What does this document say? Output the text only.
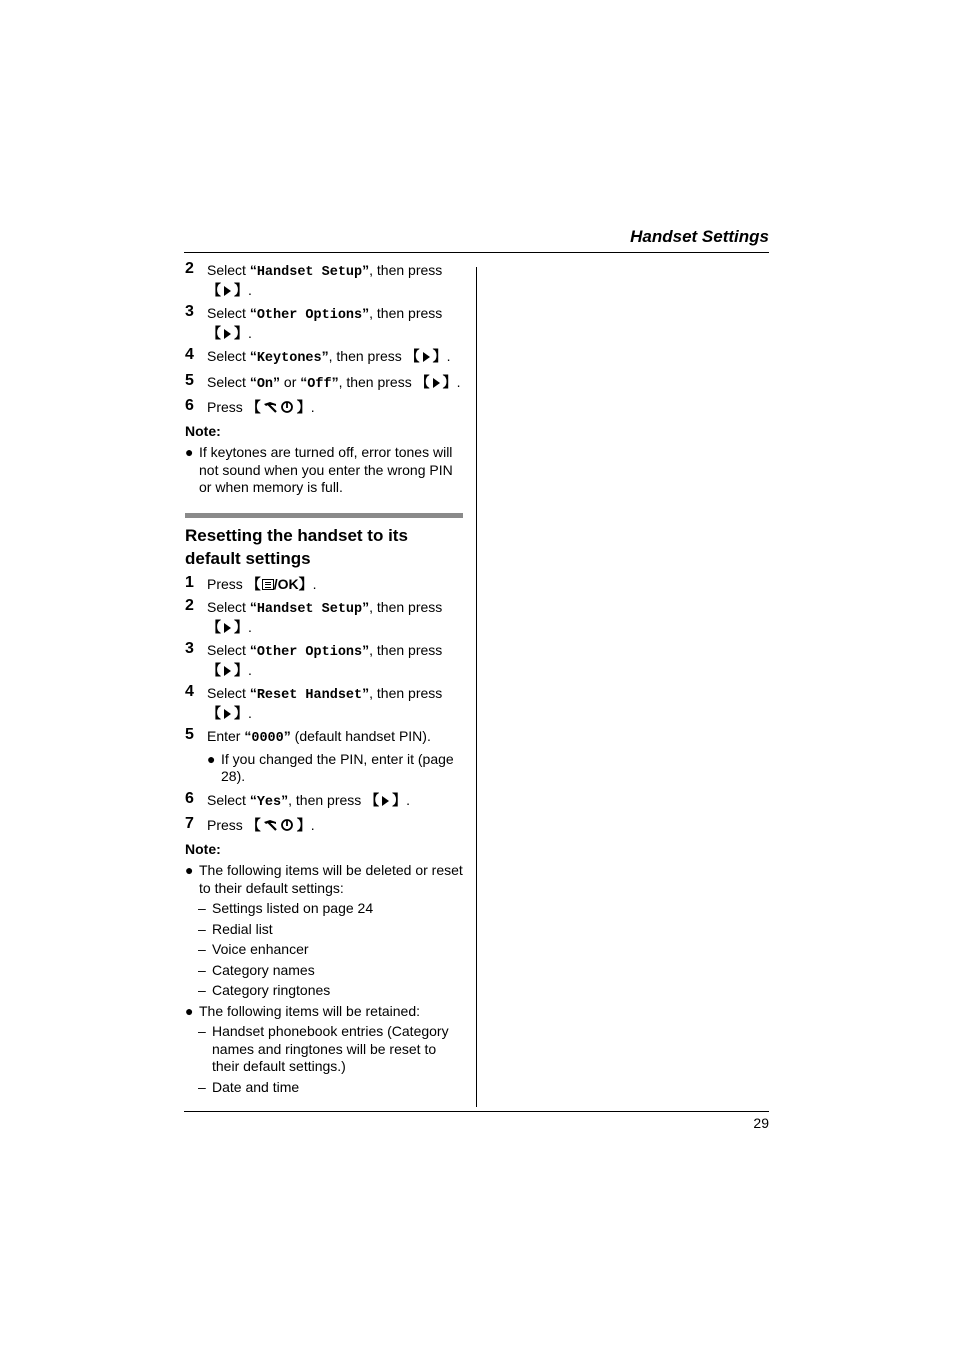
Handset Settings
2 Select “Handset Setup”, then press
【 】.
3 Select “Other Options”, then press
【 】.
4 Select “Keytones”, then press 【 】.
5 Select “On” or “Off”, then press 【 】.
6 Press 【	】.
Note:
● If keytones are turned off, error tones will not sound when you enter the wrong PIN or when memory is full.
Resetting the handset to its default settings
1 Press 【 /OK】.
2 Select “Handset Setup”, then press
【 】.
3 Select “Other Options”, then press
【 】.
4 Select “Reset Handset”, then press
【 】.
5 Enter “0000” (default handset PIN).
● If you changed the PIN, enter it (page 28).
6 Select “Yes”, then press 【 】.
7 Press 【	】.
Note:
● The following items will be deleted or reset to their default settings:
– Settings listed on page 24
– Redial list
– Voice enhancer
– Category names
– Category ringtones
● The following items will be retained:
– Handset phonebook entries (Category names and ringtones will be reset to their default settings.)
– Date and time
29
